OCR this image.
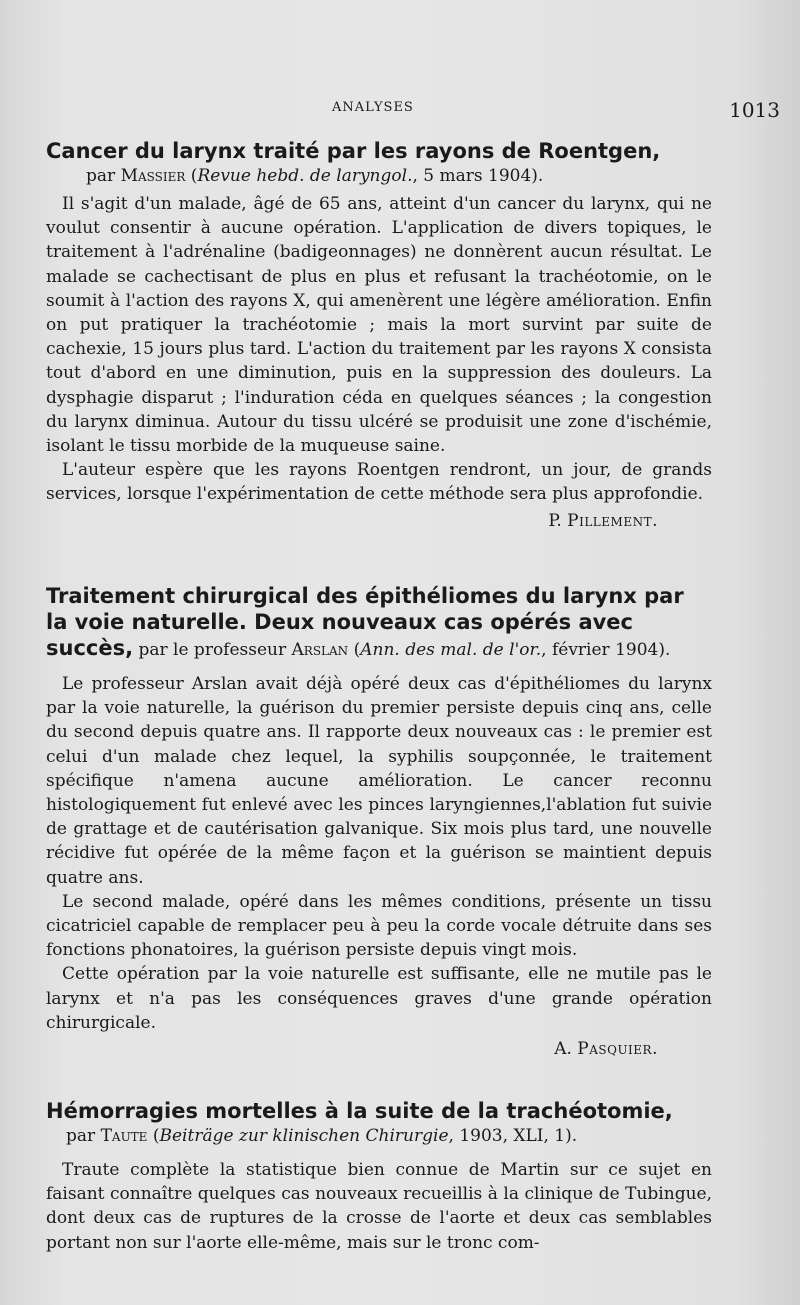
ANALYSES	1013
Cancer du larynx traité par les rayons de Roentgen,
par Massier (Revue hebd. de laryngol., 5 mars 1904).

Il s'agit d'un malade, âgé de 65 ans, atteint d'un cancer du larynx, qui ne voulut consentir à aucune opération. L'application de divers topiques, le traitement à l'adrénaline (badigeonnages) ne donnèrent aucun résultat. Le malade se cachectisant de plus en plus et refusant la trachéotomie, on le soumit à l'action des rayons X, qui amenèrent une légère amélioration. Enfin on put pratiquer la trachéotomie ; mais la mort survint par suite de cachexie, 15 jours plus tard. L'action du traitement par les rayons X consista tout d'abord en une diminution, puis en la suppression des douleurs. La dysphagie disparut ; l'induration céda en quelques séances ; la congestion du larynx diminua. Autour du tissu ulcéré se produisit une zone d'ischémie, isolant le tissu morbide de la muqueuse saine.

L'auteur espère que les rayons Roentgen rendront, un jour, de grands services, lorsque l'expérimentation de cette méthode sera plus approfondie.

P. Pillement.
Traitement chirurgical des épithéliomes du larynx par la voie naturelle. Deux nouveaux cas opérés avec succès, par le professeur Arslan (Ann. des mal. de l'or., février 1904).

Le professeur Arslan avait déjà opéré deux cas d'épithéliomes du larynx par la voie naturelle, la guérison du premier persiste depuis cinq ans, celle du second depuis quatre ans. Il rapporte deux nouveaux cas : le premier est celui d'un malade chez lequel, la syphilis soupçonnée, le traitement spécifique n'amena aucune amélioration. Le cancer reconnu histologiquement fut enlevé avec les pinces laryngiennes,l'ablation fut suivie de grattage et de cautérisation galvanique. Six mois plus tard, une nouvelle récidive fut opérée de la même façon et la guérison se maintient depuis quatre ans.

Le second malade, opéré dans les mêmes conditions, présente un tissu cicatriciel capable de remplacer peu à peu la corde vocale détruite dans ses fonctions phonatoires, la guérison persiste depuis vingt mois.

Cette opération par la voie naturelle est suffisante, elle ne mutile pas le larynx et n'a pas les conséquences graves d'une grande opération chirurgicale.

A. Pasquier.
Hémorragies mortelles à la suite de la trachéotomie,
par Taute (Beiträge zur klinischen Chirurgie, 1903, XLI, 1).

Traute complète la statistique bien connue de Martin sur ce sujet en faisant connaître quelques cas nouveaux recueillis à la clinique de Tubingue, dont deux cas de ruptures de la crosse de l'aorte et deux cas semblables portant non sur l'aorte elle-même, mais sur le tronc com-
